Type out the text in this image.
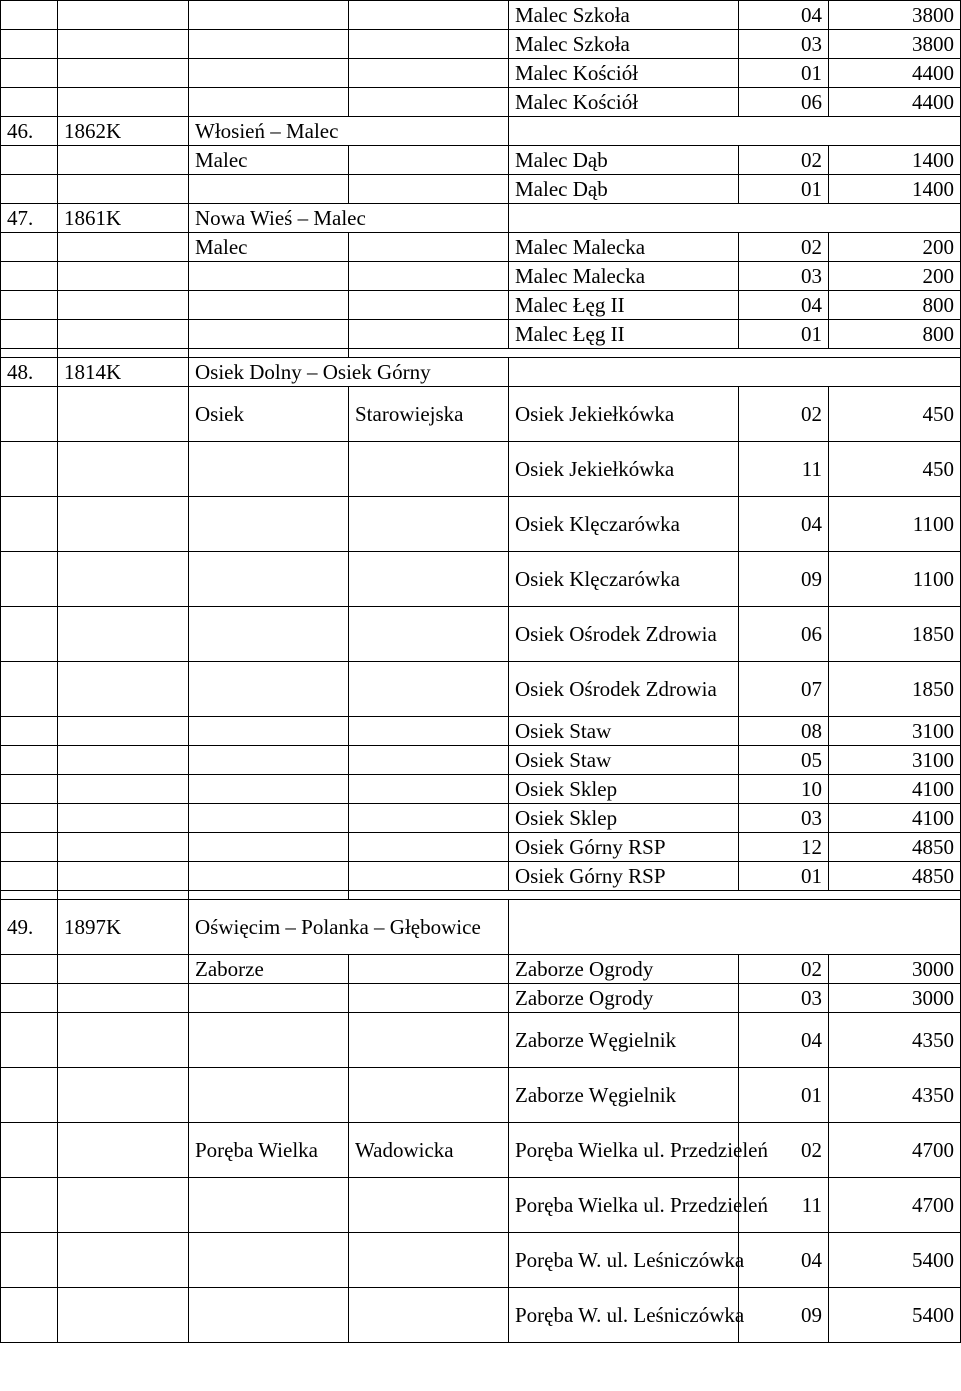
				Malec Szkoła	04	3800
				Malec Szkoła	03	3800
				Malec Kościół	01	4400
				Malec Kościół	06	4400
46.	1862K	Włosień – Malec				
		Malec		Malec Dąb	02	1400
				Malec Dąb	01	1400
47.	1861K	Nowa Wieś – Malec				
		Malec		Malec Malecka	02	200
				Malec Malecka	03	200
				Malec Łęg II	04	800
				Malec Łęg II	01	800

48.	1814K	Osiek Dolny – Osiek Górny				
		Osiek	Starowiejska	Osiek Jekiełkówka	02	450
				Osiek Jekiełkówka	11	450
				Osiek Klęczarówka	04	1100
				Osiek Klęczarówka	09	1100
				Osiek Ośrodek Zdrowia	06	1850
				Osiek Ośrodek Zdrowia	07	1850
				Osiek Staw	08	3100
				Osiek Staw	05	3100
				Osiek Sklep	10	4100
				Osiek Sklep	03	4100
				Osiek Górny RSP	12	4850
				Osiek Górny RSP	01	4850

49.	1897K	Oświęcim – Polanka – Głębowice				
		Zaborze		Zaborze Ogrody	02	3000
				Zaborze Ogrody	03	3000
				Zaborze Węgielnik	04	4350
				Zaborze Węgielnik	01	4350
		Poręba Wielka	Wadowicka	Poręba Wielka ul. Przedzieleń	02	4700
				Poręba Wielka ul. Przedzieleń	11	4700
				Poręba W. ul. Leśniczówka	04	5400
				Poręba W. ul. Leśniczówka	09	5400
